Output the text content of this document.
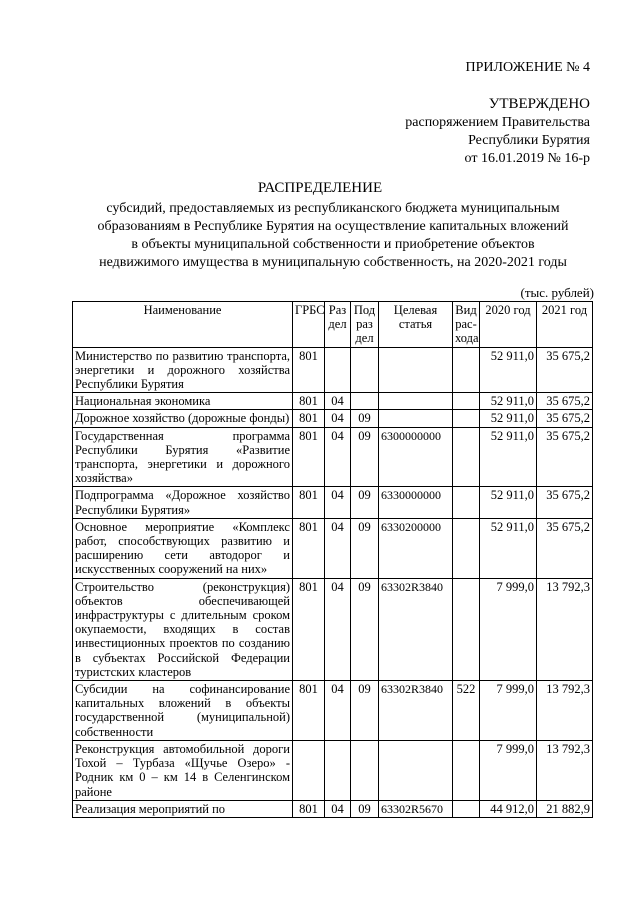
ПРИЛОЖЕНИЕ № 4
УТВЕРЖДЕНО
распоряжением Правительства
Республики Бурятия
от 16.01.2019 № 16-р
РАСПРЕДЕЛЕНИЕ
субсидий, предоставляемых из республиканского бюджета муниципальным
образованиям в Республике Бурятия на осуществление капитальных вложений
в объекты муниципальной собственности и приобретение объектов
недвижимого имущества в муниципальную собственность, на 2020-2021 годы
(тыс. рублей)
Наименование	ГРБС	Раз дел	Под раз дел	Целевая статья	Вид рас- хода	2020 год	2021 год
Министерство по развитию транспорта, энергетики и дорожного хозяйства Республики Бурятия	801					52 911,0	35 675,2
Национальная экономика	801	04				52 911,0	35 675,2
Дорожное хозяйство (дорожные фонды)	801	04	09			52 911,0	35 675,2
Государственная программа Республики Бурятия «Развитие транспорта, энергетики и дорожного хозяйства»	801	04	09	6300000000		52 911,0	35 675,2
Подпрограмма «Дорожное хозяйство Республики Бурятия»	801	04	09	6330000000		52 911,0	35 675,2
Основное мероприятие «Комплекс работ, способствующих развитию и расширению сети автодорог и искусственных сооружений на них»	801	04	09	6330200000		52 911,0	35 675,2
Строительство (реконструкция) объектов обеспечивающей инфраструктуры с длительным сроком окупаемости, входящих в состав инвестиционных проектов по созданию в субъектах Российской Федерации туристских кластеров	801	04	09	63302R3840		7 999,0	13 792,3
Субсидии на софинансирование капитальных вложений в объекты государственной (муниципальной) собственности	801	04	09	63302R3840	522	7 999,0	13 792,3
Реконструкция автомобильной дороги Тохой – Турбаза «Щучье Озеро» - Родник км 0 – км 14 в Селенгинском районе						7 999,0	13 792,3
Реализация мероприятий по	801	04	09	63302R5670		44 912,0	21 882,9
